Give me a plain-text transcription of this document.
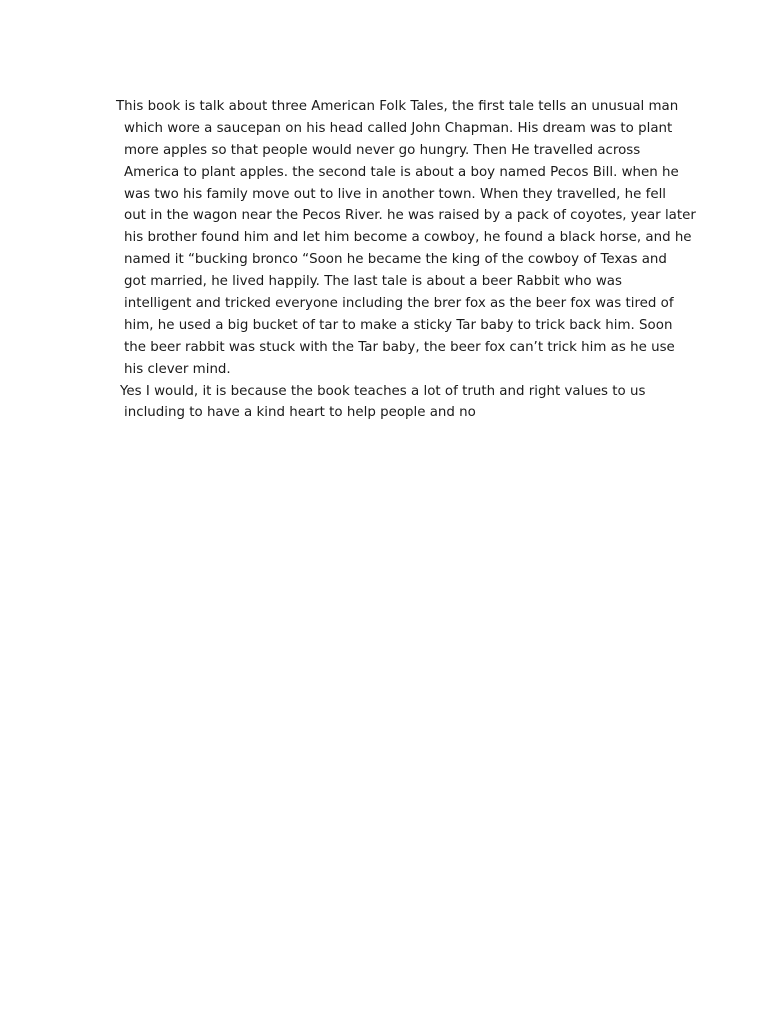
This book is talk about three American Folk Tales, the first tale tells an unusual man
which wore a saucepan on his head called John Chapman. His dream was to plant
more apples so that people would never go hungry. Then He travelled across
America to plant apples. the second tale is about a boy named Pecos Bill. when he
was two his family move out to live in another town. When they travelled, he fell
out in the wagon near the Pecos River. he was raised by a pack of coyotes, year later
his brother found him and let him become a cowboy, he found a black horse, and he
named it “bucking bronco “Soon he became the king of the cowboy of Texas and
got married, he lived happily. The last tale is about a beer Rabbit who was
intelligent and tricked everyone including the brer fox as the beer fox was tired of
him, he used a big bucket of tar to make a sticky Tar baby to trick back him. Soon
the beer rabbit was stuck with the Tar baby, the beer fox can’t trick him as he use
his clever mind.
Yes I would, it is because the book teaches a lot of truth and right values to us
including to have a kind heart to help people and no
